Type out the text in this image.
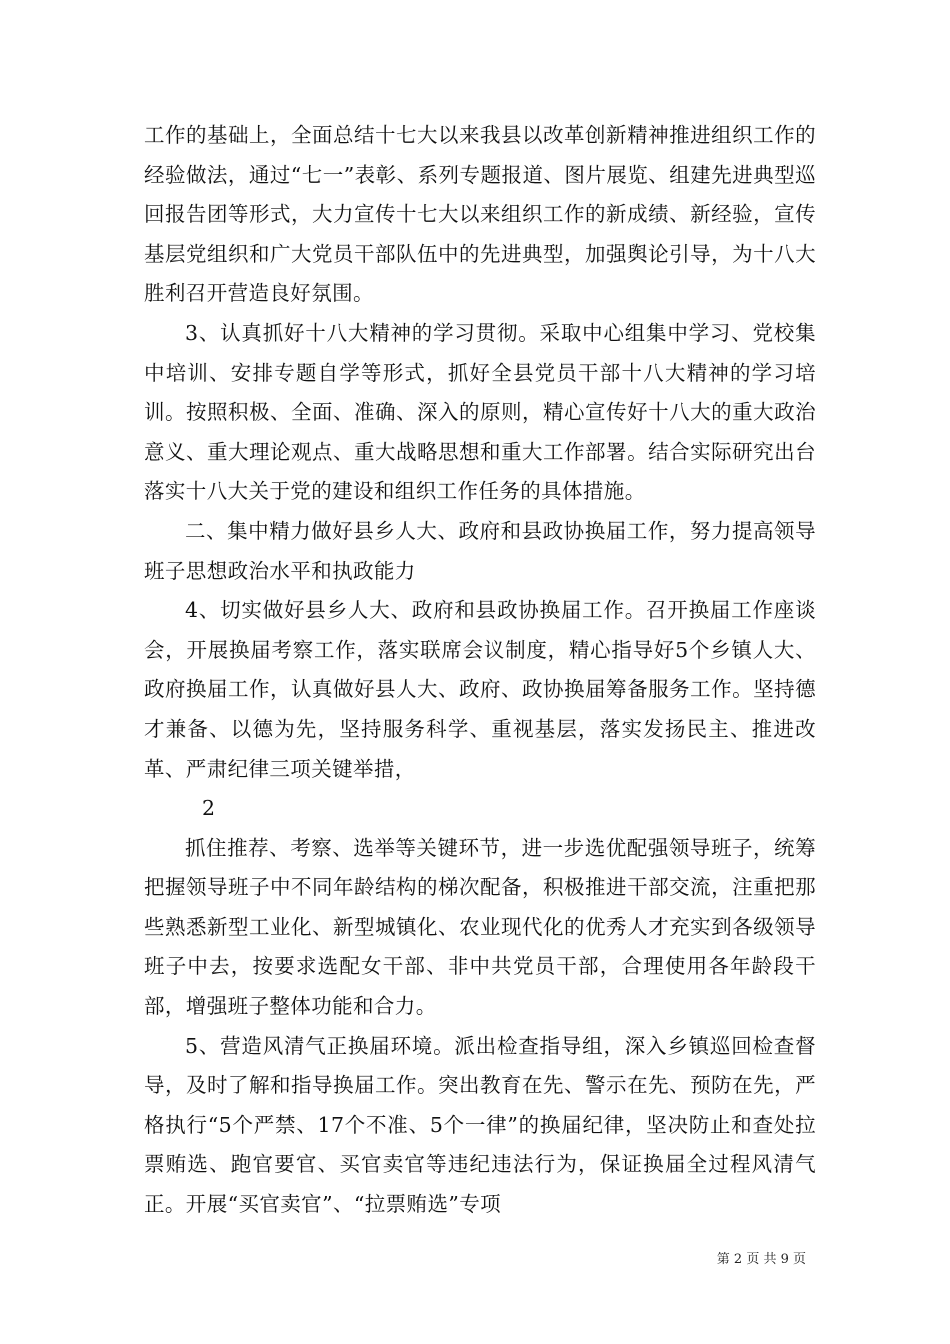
工作的基础上，全面总结十七大以来我县以改革创新精神推进组织工作的经验做法，通过“七一”表彰、系列专题报道、图片展览、组建先进典型巡回报告团等形式，大力宣传十七大以来组织工作的新成绩、新经验，宣传基层党组织和广大党员干部队伍中的先进典型，加强舆论引导，为十八大胜利召开营造良好氛围。

3、认真抓好十八大精神的学习贯彻。采取中心组集中学习、党校集中培训、安排专题自学等形式，抓好全县党员干部十八大精神的学习培训。按照积极、全面、准确、深入的原则，精心宣传好十八大的重大政治意义、重大理论观点、重大战略思想和重大工作部署。结合实际研究出台落实十八大关于党的建设和组织工作任务的具体措施。

二、集中精力做好县乡人大、政府和县政协换届工作，努力提高领导班子思想政治水平和执政能力

4、切实做好县乡人大、政府和县政协换届工作。召开换届工作座谈会，开展换届考察工作，落实联席会议制度，精心指导好5个乡镇人大、政府换届工作，认真做好县人大、政府、政协换届筹备服务工作。坚持德才兼备、以德为先，坚持服务科学、重视基层，落实发扬民主、推进改革、严肃纪律三项关键举措，

2

抓住推荐、考察、选举等关键环节，进一步选优配强领导班子，统筹把握领导班子中不同年龄结构的梯次配备，积极推进干部交流，注重把那些熟悉新型工业化、新型城镇化、农业现代化的优秀人才充实到各级领导班子中去，按要求选配女干部、非中共党员干部，合理使用各年龄段干部，增强班子整体功能和合力。

5、营造风清气正换届环境。派出检查指导组，深入乡镇巡回检查督导，及时了解和指导换届工作。突出教育在先、警示在先、预防在先，严格执行“5个严禁、17个不准、5个一律”的换届纪律，坚决防止和查处拉票贿选、跑官要官、买官卖官等违纪违法行为，保证换届全过程风清气正。开展“买官卖官”、“拉票贿选”专项

第 2 页 共 9 页
